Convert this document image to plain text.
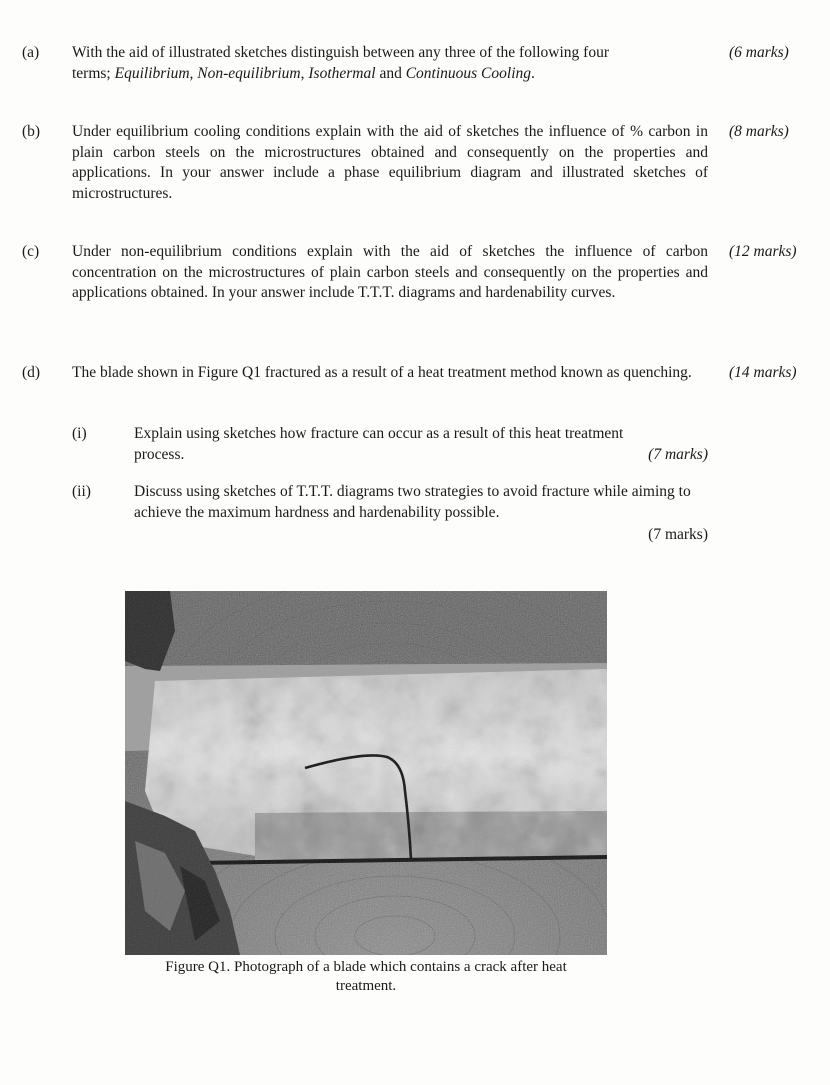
(a) With the aid of illustrated sketches distinguish between any three of the following four
terms; Equilibrium, Non-equilibrium, Isothermal and Continuous Cooling.
(6 marks)
(b) Under equilibrium cooling conditions explain with the aid of sketches the influence of % carbon in plain carbon steels on the microstructures obtained and consequently on the properties and applications. In your answer include a phase equilibrium diagram and illustrated sketches of microstructures.
(8 marks)
(c) Under non-equilibrium conditions explain with the aid of sketches the influence of carbon concentration on the microstructures of plain carbon steels and consequently on the properties and applications obtained. In your answer include T.T.T. diagrams and hardenability curves.
(12 marks)
(d) The blade shown in Figure Q1 fractured as a result of a heat treatment method known as quenching. (14 marks)
(i)	Explain using sketches how fracture can occur as a result of this heat treatment
process.	(7 marks)
(ii)	Discuss using sketches of T.T.T. diagrams two strategies to avoid fracture while aiming to achieve the maximum hardness and hardenability possible.
(7 marks)
Figure Q1. Photograph of a blade which contains a crack after heat
treatment.
